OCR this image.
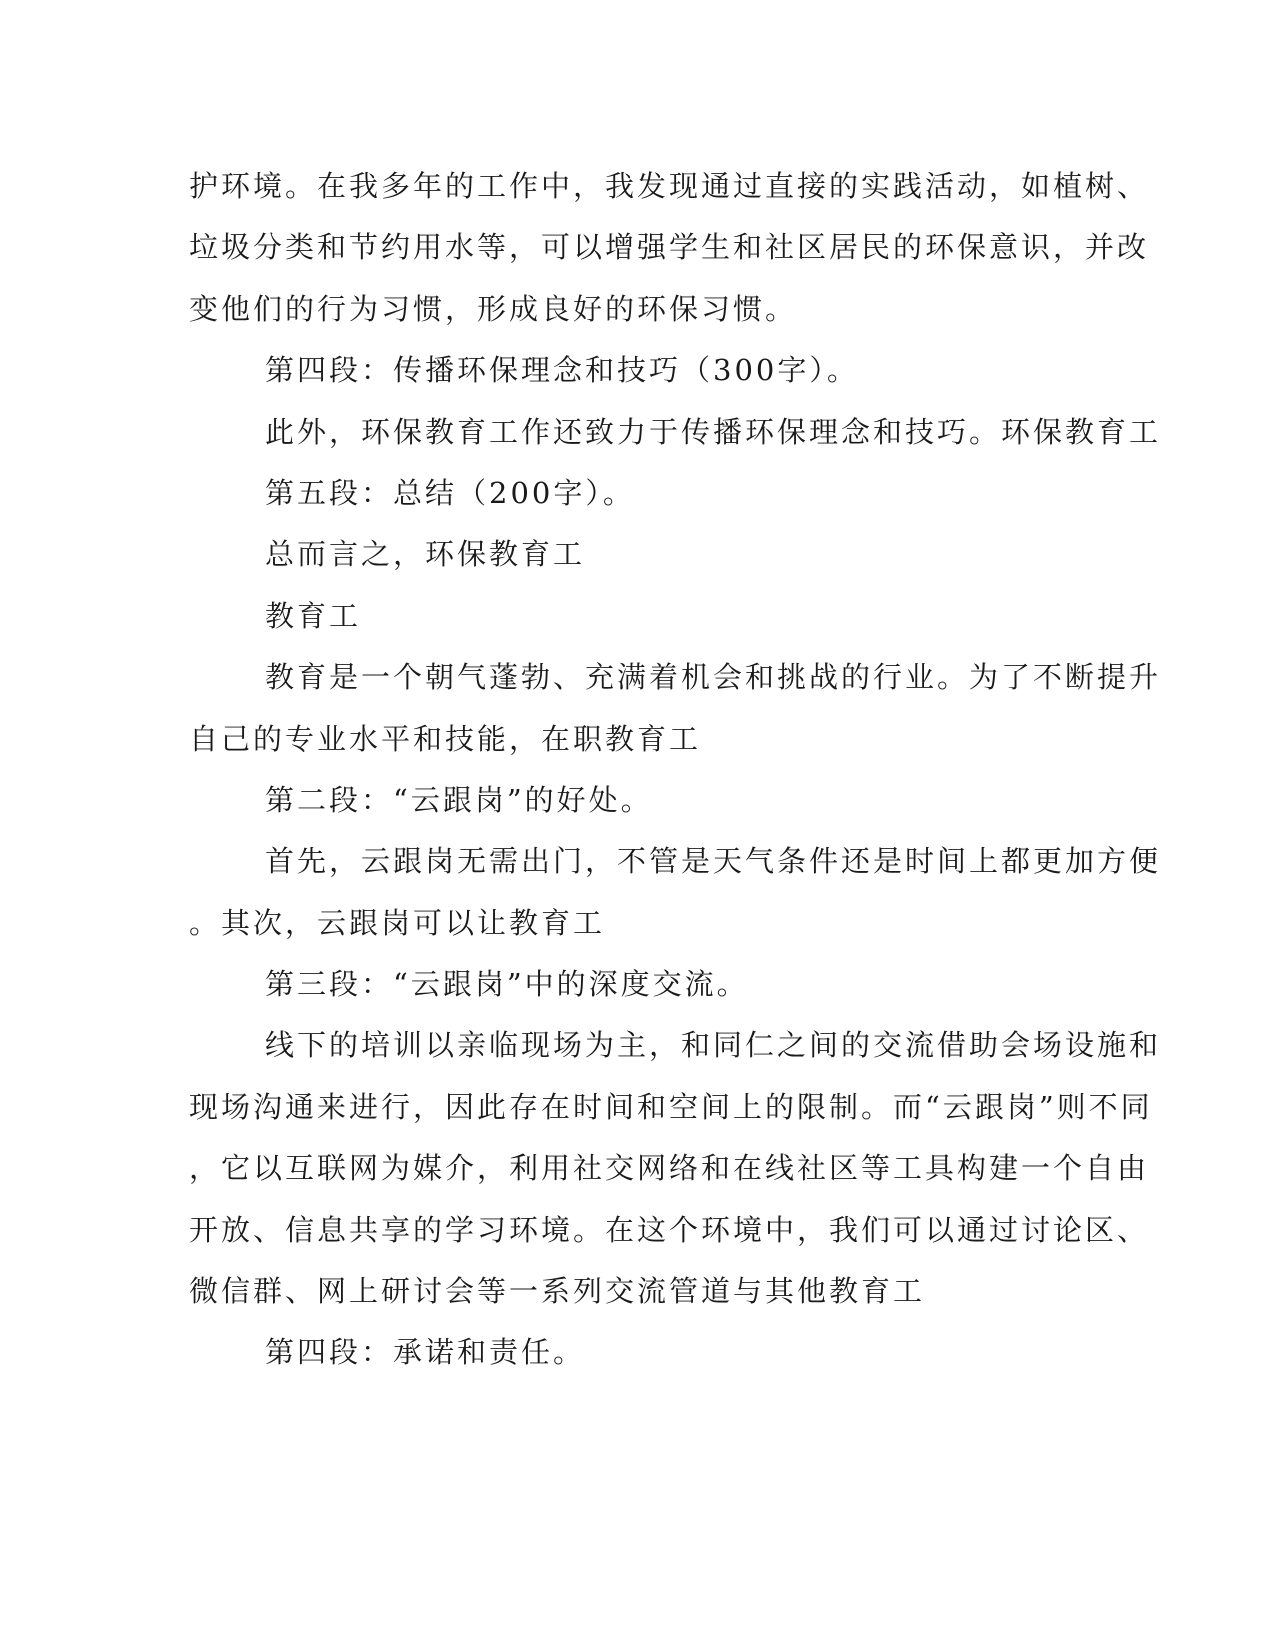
护环境。在我多年的工作中，我发现通过直接的实践活动，如植树、
垃圾分类和节约用水等，可以增强学生和社区居民的环保意识，并改
变他们的行为习惯，形成良好的环保习惯。
第四段：传播环保理念和技巧（300字）。
此外，环保教育工作还致力于传播环保理念和技巧。环保教育工
第五段：总结（200字）。
总而言之，环保教育工
教育工
教育是一个朝气蓬勃、充满着机会和挑战的行业。为了不断提升
自己的专业水平和技能，在职教育工
第二段：“云跟岗”的好处。
首先，云跟岗无需出门，不管是天气条件还是时间上都更加方便
。其次，云跟岗可以让教育工
第三段：“云跟岗”中的深度交流。
线下的培训以亲临现场为主，和同仁之间的交流借助会场设施和
现场沟通来进行，因此存在时间和空间上的限制。而“云跟岗”则不同
，它以互联网为媒介，利用社交网络和在线社区等工具构建一个自由
开放、信息共享的学习环境。在这个环境中，我们可以通过讨论区、
微信群、网上研讨会等一系列交流管道与其他教育工
第四段：承诺和责任。
